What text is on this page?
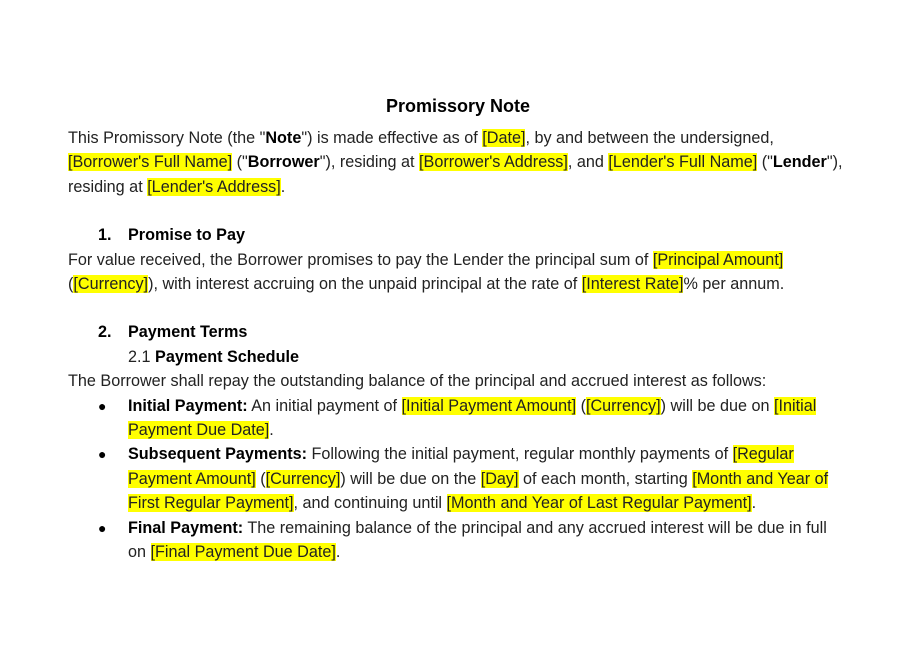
Promissory Note

This Promissory Note (the "Note") is made effective as of [Date], by and between the undersigned, [Borrower's Full Name] ("Borrower"), residing at [Borrower's Address], and [Lender's Full Name] ("Lender"), residing at [Lender's Address].

1. Promise to Pay

For value received, the Borrower promises to pay the Lender the principal sum of [Principal Amount] ([Currency]), with interest accruing on the unpaid principal at the rate of [Interest Rate]% per annum.

2. Payment Terms
2.1 Payment Schedule

The Borrower shall repay the outstanding balance of the principal and accrued interest as follows:

● Initial Payment: An initial payment of [Initial Payment Amount] ([Currency]) will be due on [Initial Payment Due Date].
● Subsequent Payments: Following the initial payment, regular monthly payments of [Regular Payment Amount] ([Currency]) will be due on the [Day] of each month, starting [Month and Year of First Regular Payment], and continuing until [Month and Year of Last Regular Payment].
● Final Payment: The remaining balance of the principal and any accrued interest will be due in full on [Final Payment Due Date].
